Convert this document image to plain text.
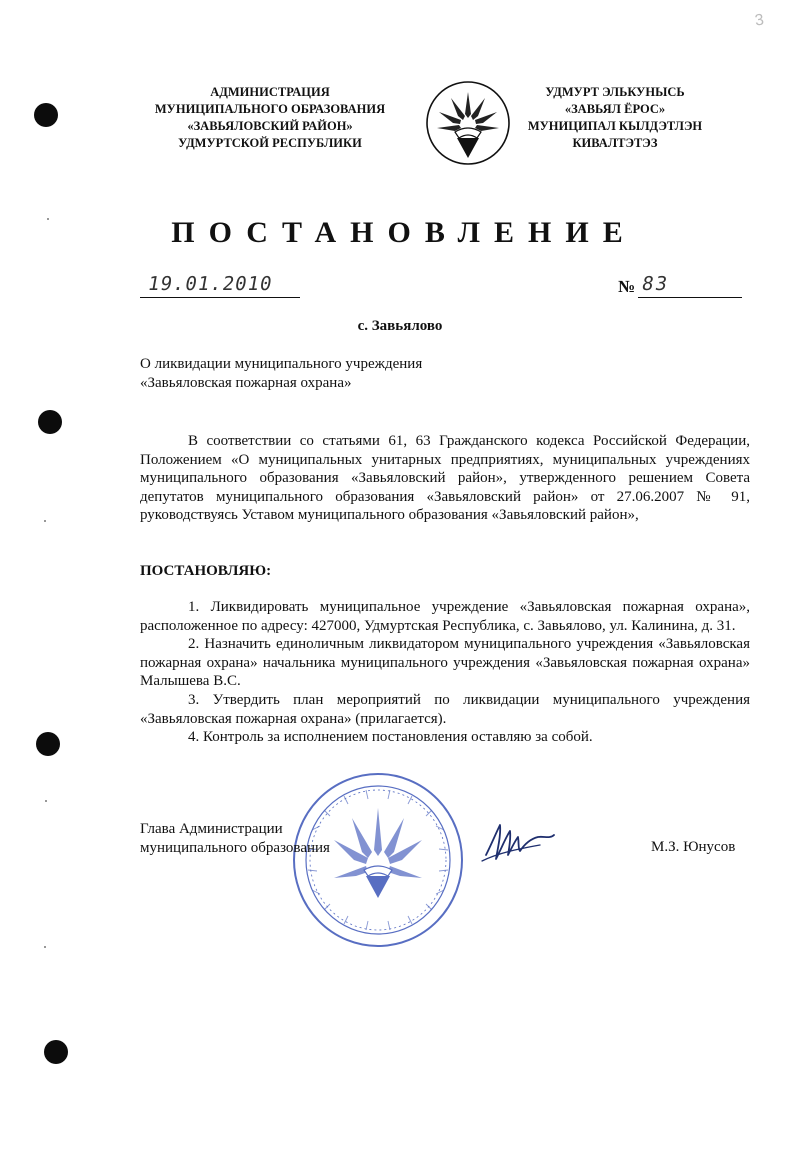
3
АДМИНИСТРАЦИЯ
МУНИЦИПАЛЬНОГО ОБРАЗОВАНИЯ
«ЗАВЬЯЛОВСКИЙ РАЙОН»
УДМУРТСКОЙ РЕСПУБЛИКИ
УДМУРТ ЭЛЬКУНЫСЬ
«ЗАВЬЯЛ ЁРОС»
МУНИЦИПАЛ КЫЛДЭТЛЭН
КИВАЛТЭТЭЗ
ПОСТАНОВЛЕНИЕ
19.01.2010	№ 83
с. Завьялово
О ликвидации муниципального учреждения
«Завьяловская пожарная охрана»
В соответствии со статьями 61, 63 Гражданского кодекса Российской Федерации, Положением «О муниципальных унитарных предприятиях, муниципальных учреждениях муниципального образования «Завьяловский район», утвержденного решением Совета депутатов муниципального образования «Завьяловский район» от 27.06.2007 № 91, руководствуясь Уставом муниципального образования «Завьяловский район»,
ПОСТАНОВЛЯЮ:
1. Ликвидировать муниципальное учреждение «Завьяловская пожарная охрана», расположенное по адресу: 427000, Удмуртская Республика, с. Завьялово, ул. Калинина, д. 31.
2. Назначить единоличным ликвидатором муниципального учреждения «Завьяловская пожарная охрана» начальника муниципального учреждения «Завьяловская пожарная охрана» Малышева В.С.
3. Утвердить план мероприятий по ликвидации муниципального учреждения «Завьяловская пожарная охрана» (прилагается).
4. Контроль за исполнением постановления оставляю за собой.
Глава Администрации
муниципального образования	М.З. Юнусов
